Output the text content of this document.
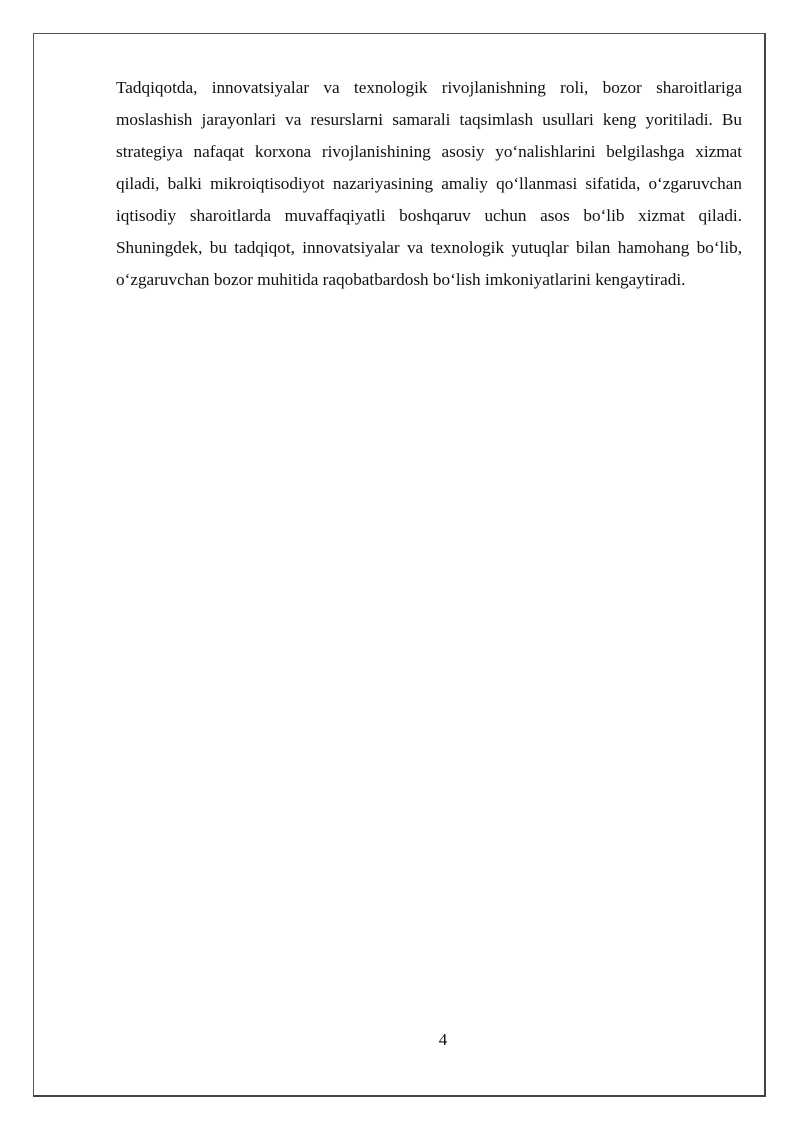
Tadqiqotda, innovatsiyalar va texnologik rivojlanishning roli, bozor sharoitlariga moslashish jarayonlari va resurslarni samarali taqsimlash usullari keng yoritiladi. Bu strategiya nafaqat korxona rivojlanishining asosiy yo‘nalishlarini belgilashga xizmat qiladi, balki mikroiqtisodiyot nazariyasining amaliy qo‘llanmasi sifatida, o‘zgaruvchan iqtisodiy sharoitlarda muvaffaqiyatli boshqaruv uchun asos bo‘lib xizmat qiladi. Shuningdek, bu tadqiqot, innovatsiyalar va texnologik yutuqlar bilan hamohang bo‘lib, o‘zgaruvchan bozor muhitida raqobatbardosh bo‘lish imkoniyatlarini kengaytiradi.

4
